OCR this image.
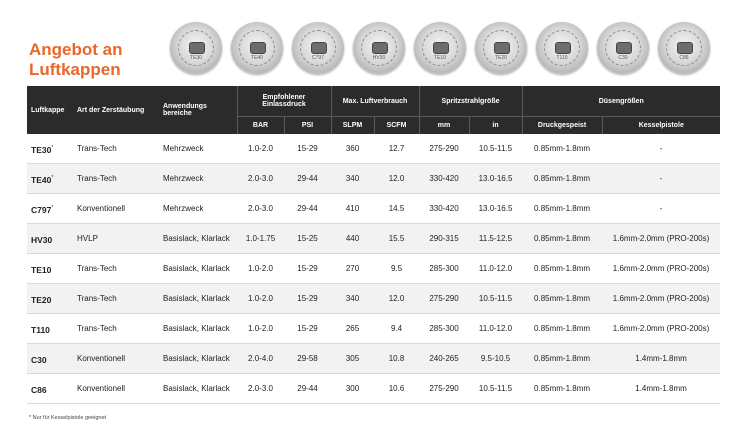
Angebot an
Luftkappen
TE30	TE40	C797	HV30	TE10	TE20	T110	C30	C86
Luftkappe	Art der Zerstäubung	Anwendungs bereiche	Empfohlener Einlassdruck		Max. Luftverbrauch		Spritzstrahlgröße		Düsengrößen	
			BAR	PSI	SLPM	SCFM	mm	in	Druckgespeist	Kesselpistole
TE30*	Trans-Tech	Mehrzweck	1.0-2.0	15-29	360	12.7	275-290	10.5-11.5	0.85mm-1.8mm	-
TE40*	Trans-Tech	Mehrzweck	2.0-3.0	29-44	340	12.0	330-420	13.0-16.5	0.85mm-1.8mm	-
C797*	Konventionell	Mehrzweck	2.0-3.0	29-44	410	14.5	330-420	13.0-16.5	0.85mm-1.8mm	-
HV30	HVLP	Basislack, Klarlack	1.0-1.75	15-25	440	15.5	290-315	11.5-12.5	0.85mm-1.8mm	1.6mm-2.0mm (PRO-200s)
TE10	Trans-Tech	Basislack, Klarlack	1.0-2.0	15-29	270	9.5	285-300	11.0-12.0	0.85mm-1.8mm	1.6mm-2.0mm (PRO-200s)
TE20	Trans-Tech	Basislack, Klarlack	1.0-2.0	15-29	340	12.0	275-290	10.5-11.5	0.85mm-1.8mm	1.6mm-2.0mm (PRO-200s)
T110	Trans-Tech	Basislack, Klarlack	1.0-2.0	15-29	265	9.4	285-300	11.0-12.0	0.85mm-1.8mm	1.6mm-2.0mm (PRO-200s)
C30	Konventionell	Basislack, Klarlack	2.0-4.0	29-58	305	10.8	240-265	9.5-10.5	0.85mm-1.8mm	1.4mm-1.8mm
C86	Konventionell	Basislack, Klarlack	2.0-3.0	29-44	300	10.6	275-290	10.5-11.5	0.85mm-1.8mm	1.4mm-1.8mm
* Nur für Kesselpistole geeignet
